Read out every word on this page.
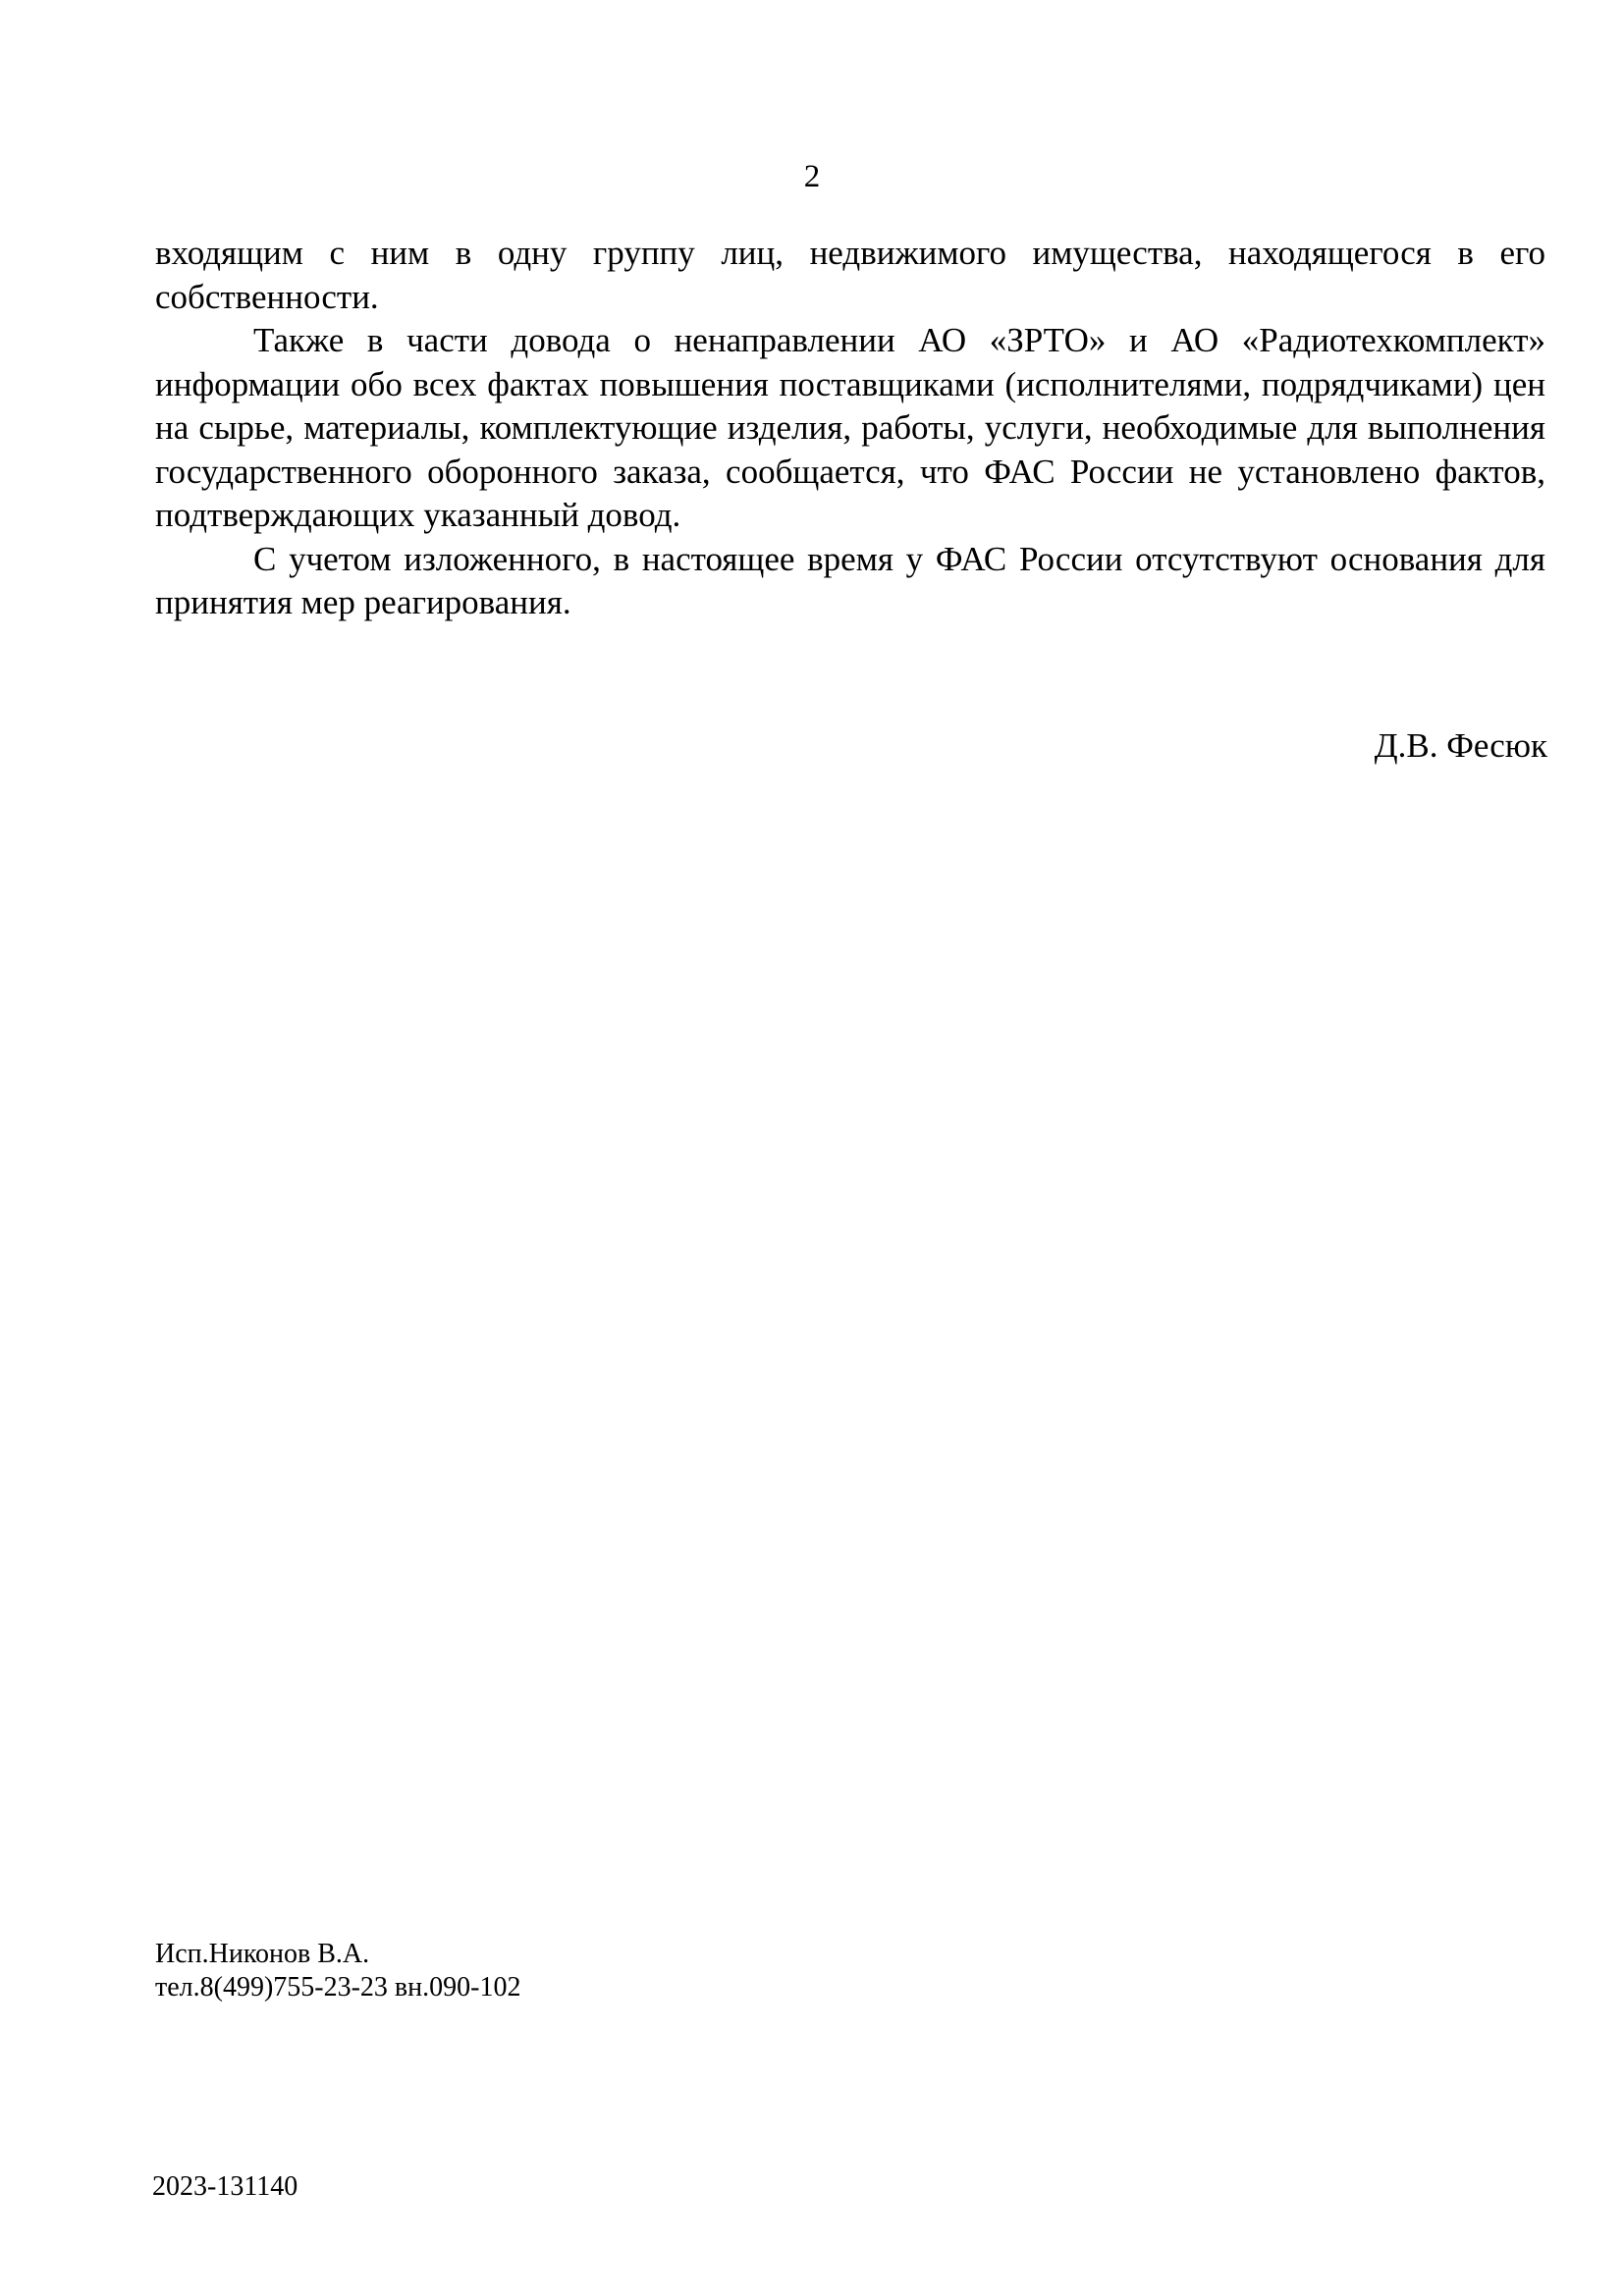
2

входящим с ним в одну группу лиц, недвижимого имущества, находящегося в его собственности.

Также в части довода о ненаправлении АО «ЗРТО» и АО «Радиотехкомплект» информации обо всех фактах повышения поставщиками (исполнителями, подрядчиками) цен на сырье, материалы, комплектующие изделия, работы, услуги, необходимые для выполнения государственного оборонного заказа, сообщается, что ФАС России не установлено фактов, подтверждающих указанный довод.

С учетом изложенного, в настоящее время у ФАС России отсутствуют основания для принятия мер реагирования.

Д.В. Фесюк
Исп.Никонов В.А.
тел.8(499)755-23-23 вн.090-102
2023-131140
